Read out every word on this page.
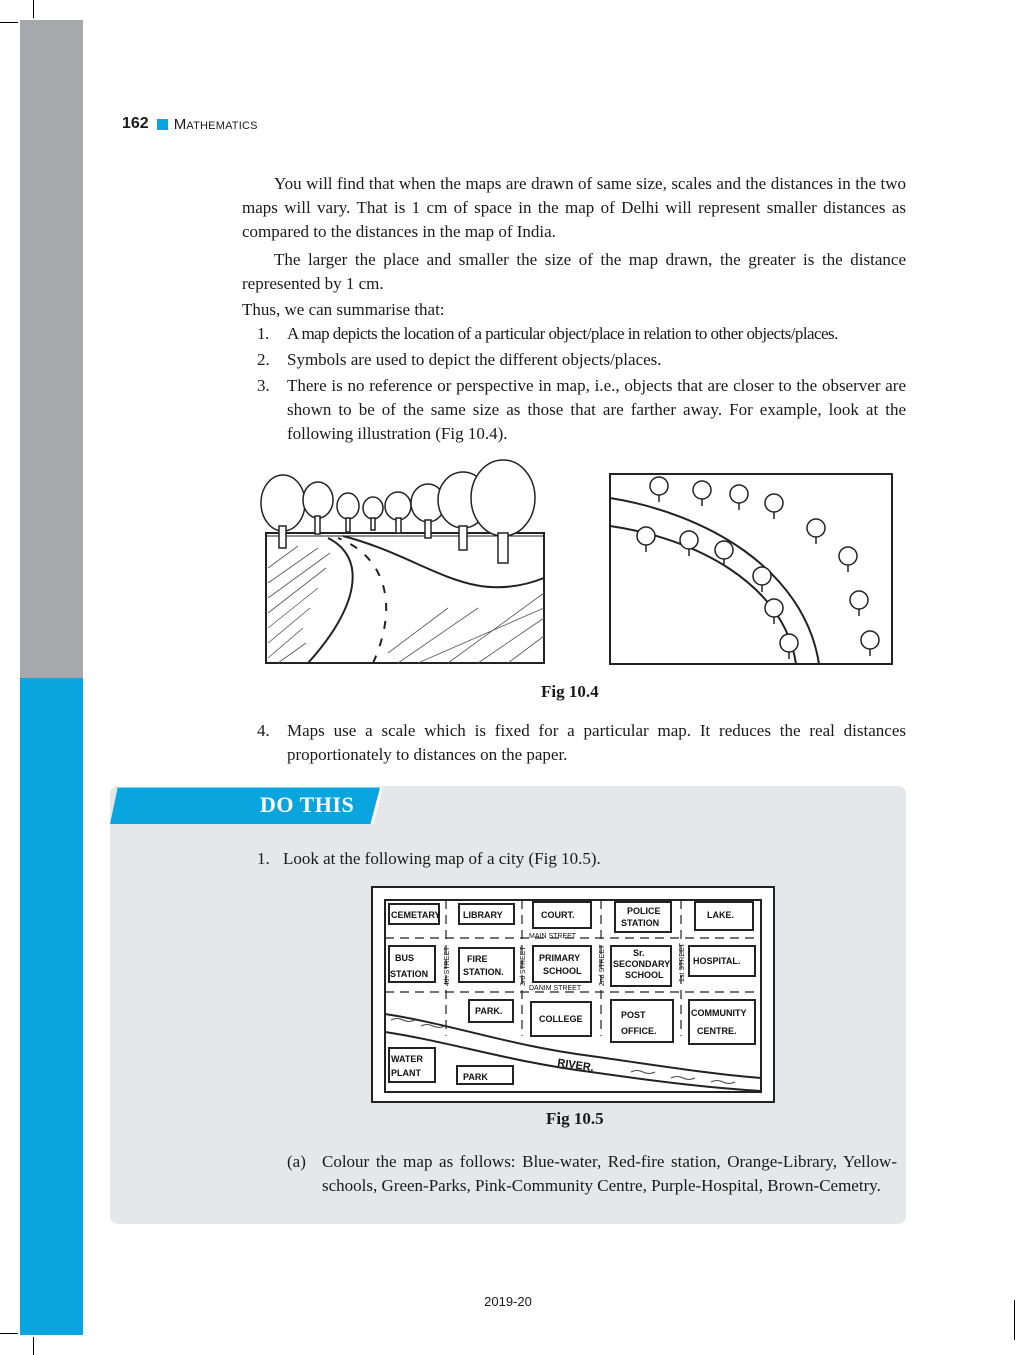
162 Mathematics

You will find that when the maps are drawn of same size, scales and the distances in the two maps will vary. That is 1 cm of space in the map of Delhi will represent smaller distances as compared to the distances in the map of India.

The larger the place and smaller the size of the map drawn, the greater is the distance represented by 1 cm.

Thus, we can summarise that:

1.	A map depicts the location of a particular object/place in relation to other objects/places.
2.	Symbols are used to depict the different objects/places.
3.	There is no reference or perspective in map, i.e., objects that are closer to the observer are shown to be of the same size as those that are farther away. For example, look at the following illustration (Fig 10.4).
Fig 10.4
4.	Maps use a scale which is fixed for a particular map. It reduces the real distances proportionately to distances on the paper.
DO THIS
1. Look at the following map of a city (Fig 10.5).
CEMETARY	LIBRARY	COURT.	POLICE
STATION
LAKE.
BUS
STATION
FIRE
STATION.
PRIMARY
SCHOOL
Sr.
SECONDARY
SCHOOL
HOSPITAL.
PARK.
COLLEGE	POST
OFFICE.
COMMUNITY
CENTRE.
WATER
PLANT	PARK
RIVER.
MAIN STREET
DANIM STREET
4th STREET	3rd STREET	2nd STREET	1st STREET
Fig 10.5
(a) Colour the map as follows: Blue-water, Red-fire station, Orange-Library, Yellow-schools, Green-Parks, Pink-Community Centre, Purple-Hospital, Brown-Cemetry.
2019-20
